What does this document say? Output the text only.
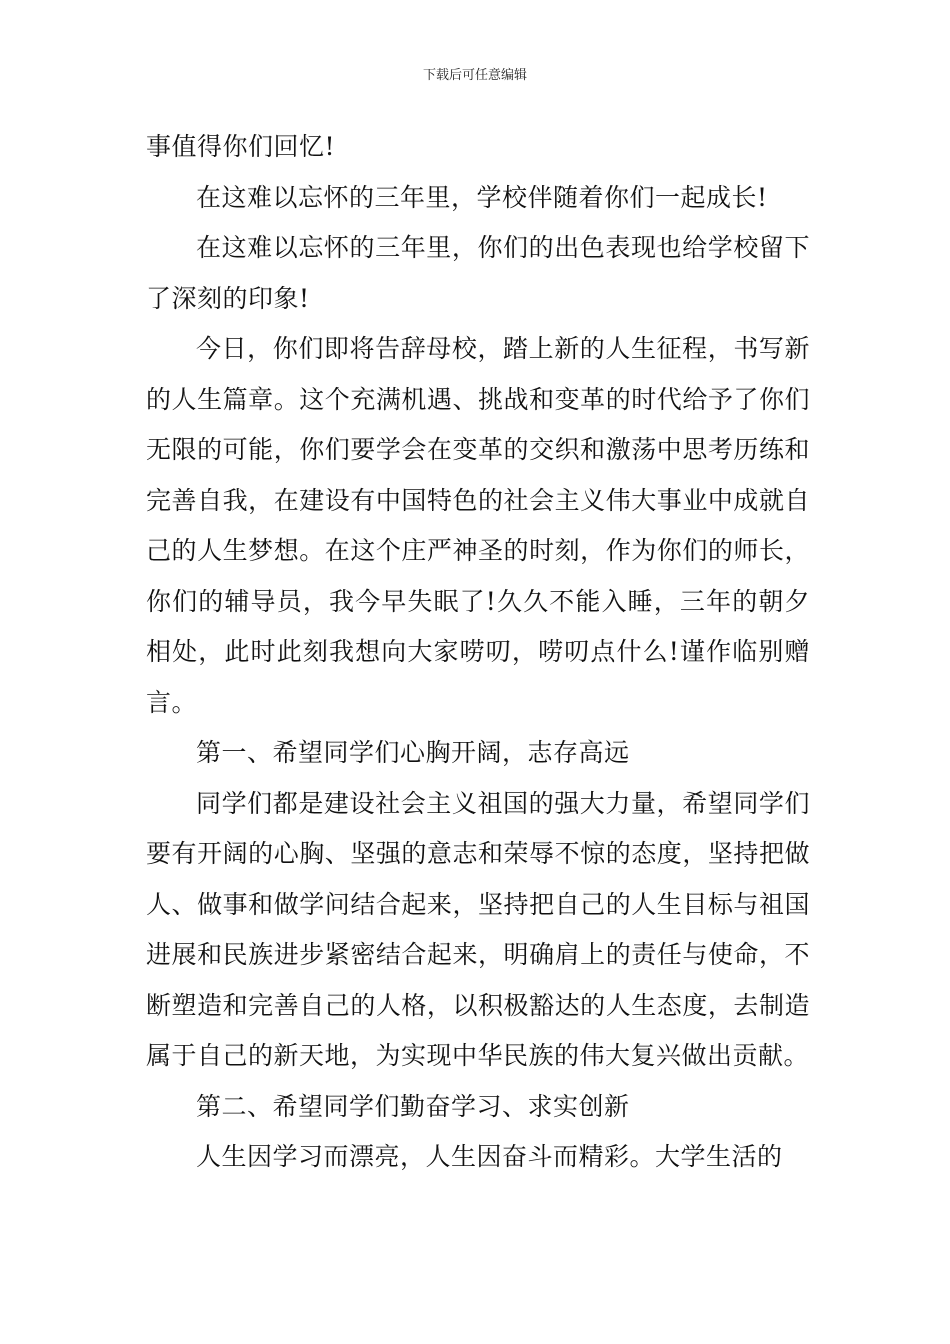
下载后可任意编辑

事值得你们回忆!

在这难以忘怀的三年里，学校伴随着你们一起成长!

在这难以忘怀的三年里，你们的出色表现也给学校留下了深刻的印象!

今日，你们即将告辞母校，踏上新的人生征程，书写新的人生篇章。这个充满机遇、挑战和变革的时代给予了你们无限的可能，你们要学会在变革的交织和激荡中思考历练和完善自我，在建设有中国特色的社会主义伟大事业中成就自己的人生梦想。在这个庄严神圣的时刻，作为你们的师长，你们的辅导员，我今早失眠了!久久不能入睡，三年的朝夕相处，此时此刻我想向大家唠叨，唠叨点什么!谨作临别赠言。

第一、希望同学们心胸开阔，志存高远

同学们都是建设社会主义祖国的强大力量，希望同学们要有开阔的心胸、坚强的意志和荣辱不惊的态度，坚持把做人、做事和做学问结合起来，坚持把自己的人生目标与祖国进展和民族进步紧密结合起来，明确肩上的责任与使命，不断塑造和完善自己的人格，以积极豁达的人生态度，去制造属于自己的新天地，为实现中华民族的伟大复兴做出贡献。

第二、希望同学们勤奋学习、求实创新

人生因学习而漂亮，人生因奋斗而精彩。大学生活的
